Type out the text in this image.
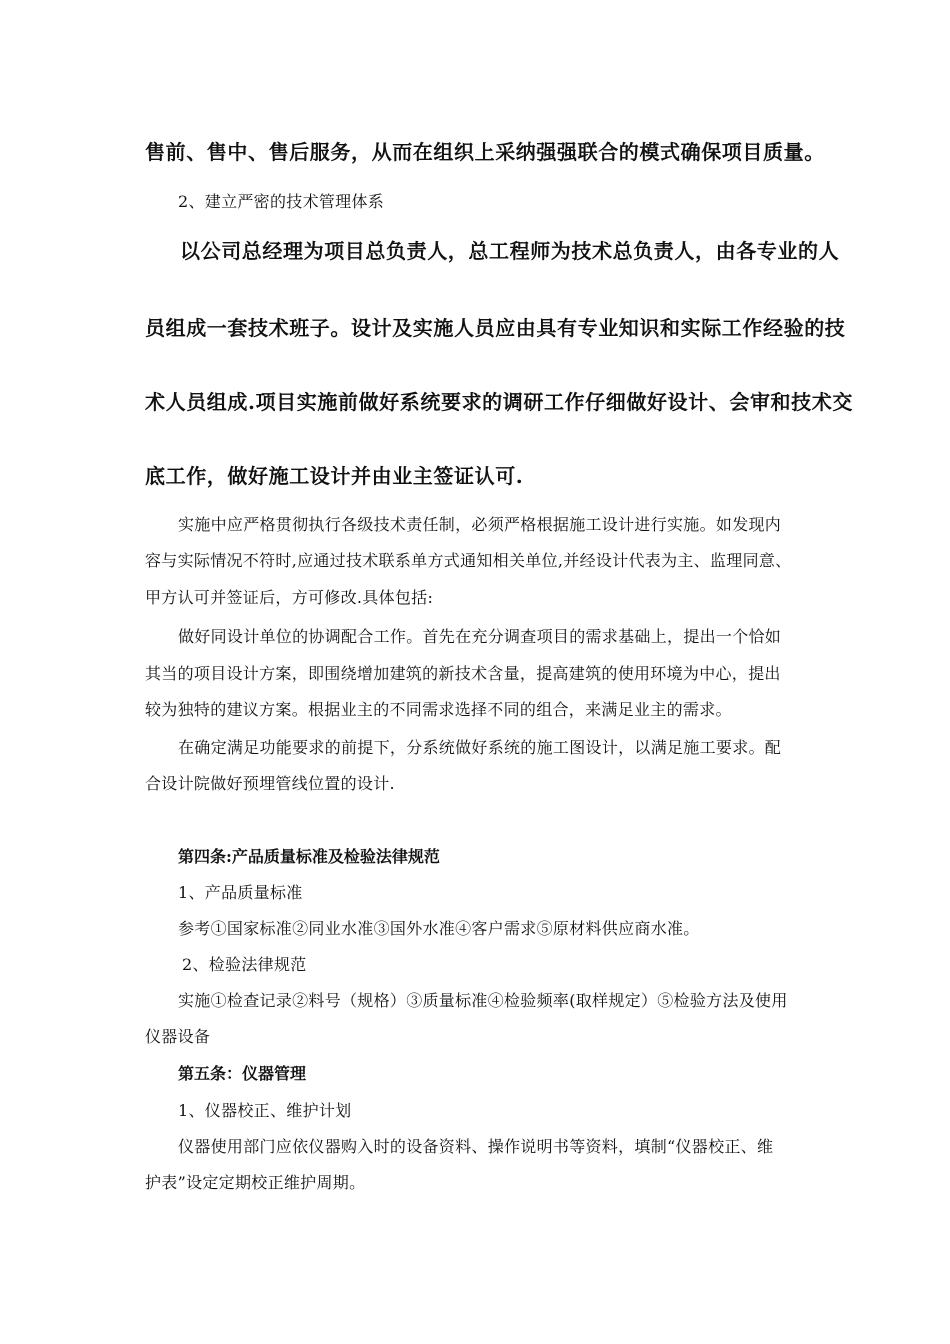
售前、售中、售后服务，从而在组织上采纳强强联合的模式确保项目质量。

2、建立严密的技术管理体系

以公司总经理为项目总负责人，总工程师为技术总负责人，由各专业的人

员组成一套技术班子。设计及实施人员应由具有专业知识和实际工作经验的技

术人员组成.项目实施前做好系统要求的调研工作仔细做好设计、会审和技术交

底工作，做好施工设计并由业主签证认可.

实施中应严格贯彻执行各级技术责任制，必须严格根据施工设计进行实施。如发现内

容与实际情况不符时,应通过技术联系单方式通知相关单位,并经设计代表为主、监理同意、

甲方认可并签证后，方可修改.具体包括:

做好同设计单位的协调配合工作。首先在充分调查项目的需求基础上，提出一个恰如

其当的项目设计方案，即围绕增加建筑的新技术含量，提高建筑的使用环境为中心，提出

较为独特的建议方案。根据业主的不同需求选择不同的组合，来满足业主的需求。

在确定满足功能要求的前提下，分系统做好系统的施工图设计，以满足施工要求。配

合设计院做好预埋管线位置的设计.

第四条:产品质量标准及检验法律规范

1、产品质量标准

参考①国家标准②同业水准③国外水准④客户需求⑤原材料供应商水准。

2、检验法律规范

实施①检查记录②料号（规格）③质量标准④检验频率(取样规定）⑤检验方法及使用

仪器设备

第五条：仪器管理

1、仪器校正、维护计划

仪器使用部门应依仪器购入时的设备资料、操作说明书等资料，填制“仪器校正、维

护表”设定定期校正维护周期。
